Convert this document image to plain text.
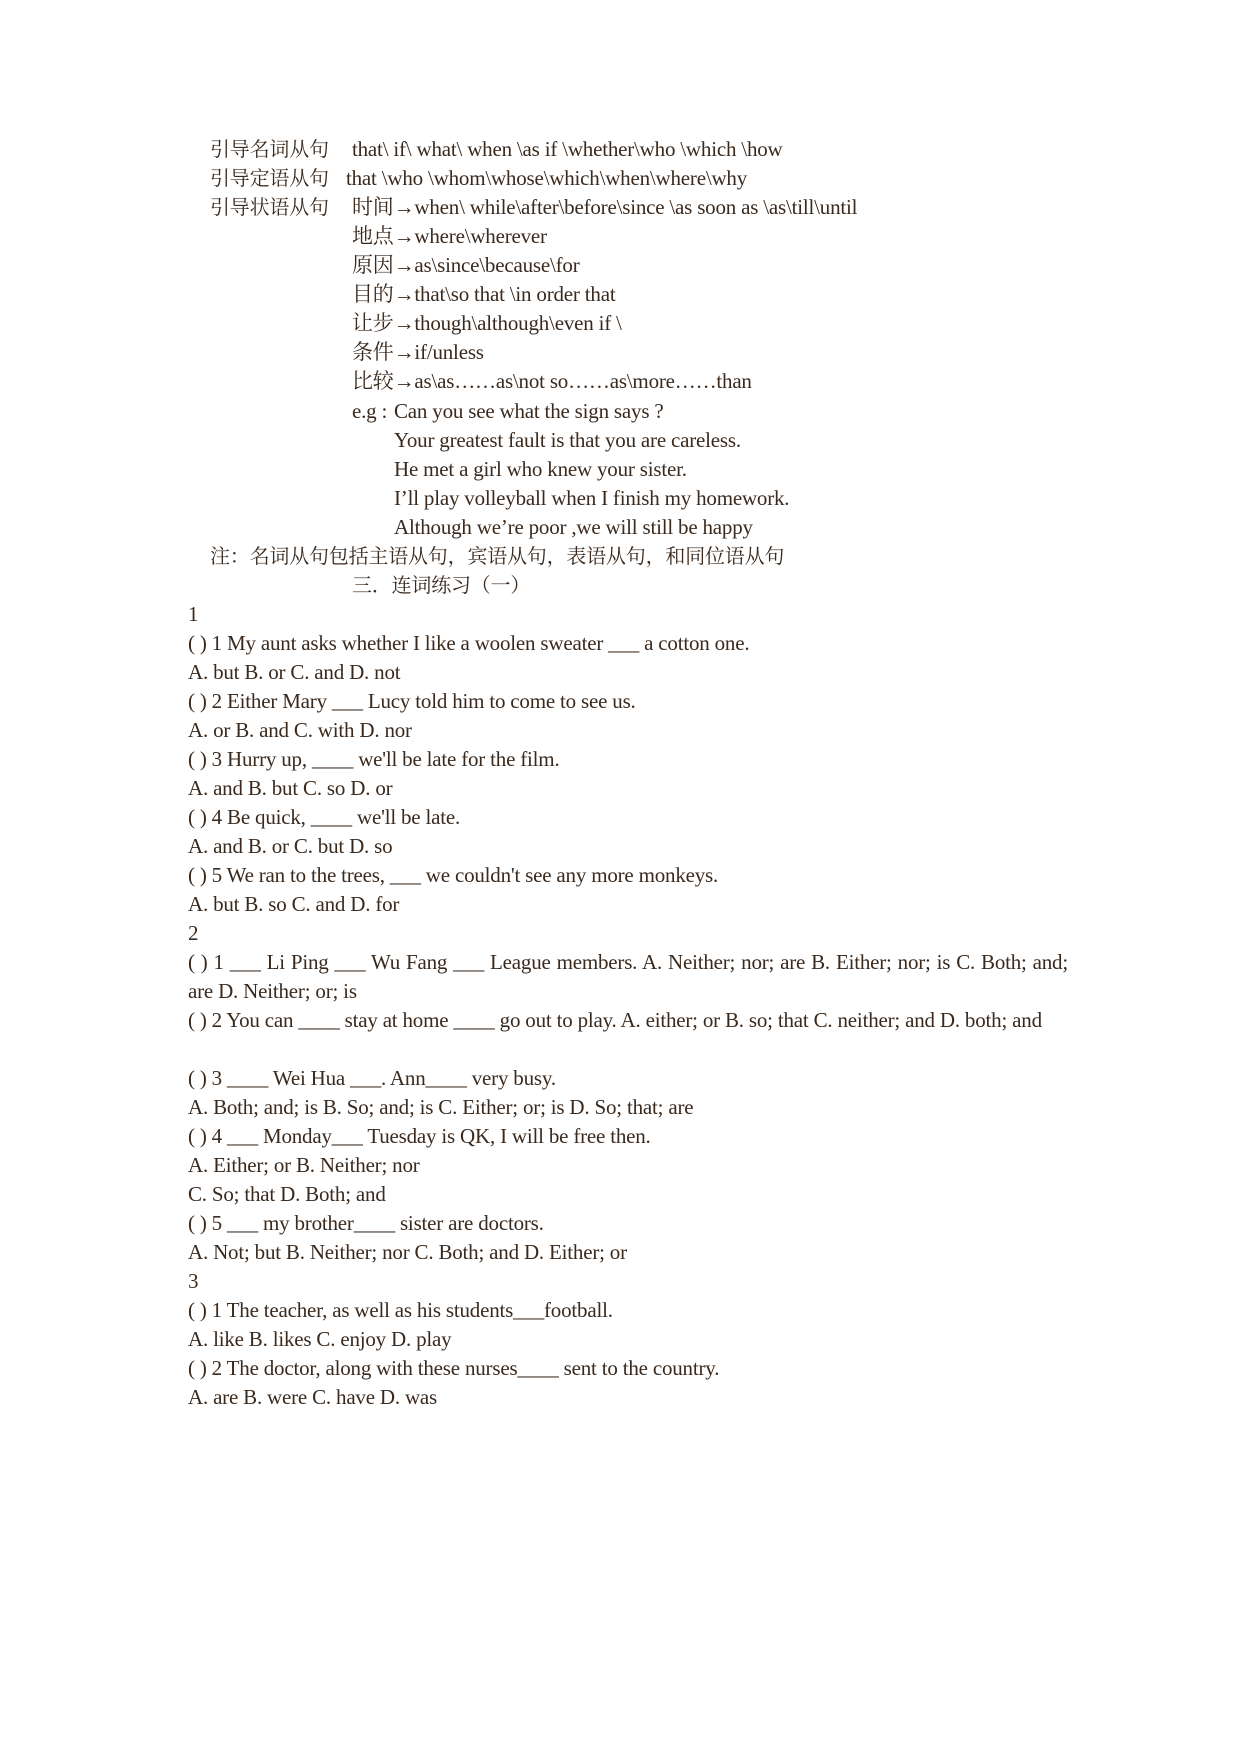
引导名词从句 that\ if\ what\ when \as if \whether\who \which \how
引导定语从句 that \who \whom\whose\which\when\where\why
引导状语从句 时间→when\ while\after\before\since \as soon as \as\till\until
地点→where\wherever
原因→as\since\because\for
目的→that\so that \in order that
让步→though\although\even if \
条件→if/unless
比较→as\as……as\not so……as\more……than
e.g : Can you see what the sign says ?
Your greatest fault is that you are careless.
He met a girl who knew your sister.
I’ll play volleyball when I finish my homework.
Although we’re poor ,we will still be happy
注：名词从句包括主语从句，宾语从句，表语从句，和同位语从句
三．连词练习（一）
1
( ) 1 My aunt asks whether I like a woolen sweater ___ a cotton one.
A. but B. or C. and D. not
( ) 2 Either Mary ___ Lucy told him to come to see us.
A. or B. and C. with D. nor
( ) 3 Hurry up, ____ we'll be late for the film.
A. and B. but C. so D. or
( ) 4 Be quick, ____ we'll be late.
A. and B. or C. but D. so
( ) 5 We ran to the trees, ___ we couldn't see any more monkeys.
A. but B. so C. and D. for
2
( ) 1 ___ Li Ping ___ Wu Fang ___ League members. A. Neither; nor; are B. Either; nor; is C. Both; and; are D. Neither; or; is
( ) 2 You can ____ stay at home ____ go out to play. A. either; or B. so; that C. neither; and D. both; and
( ) 3 ____ Wei Hua ___. Ann____ very busy.
A. Both; and; is B. So; and; is C. Either; or; is D. So; that; are
( ) 4 ___ Monday___ Tuesday is QK, I will be free then.
A. Either; or B. Neither; nor
C. So; that D. Both; and
( ) 5 ___ my brother____ sister are doctors.
A. Not; but B. Neither; nor C. Both; and D. Either; or
3
( ) 1 The teacher, as well as his students___football.
A. like B. likes C. enjoy D. play
( ) 2 The doctor, along with these nurses____ sent to the country.
A. are B. were C. have D. was
